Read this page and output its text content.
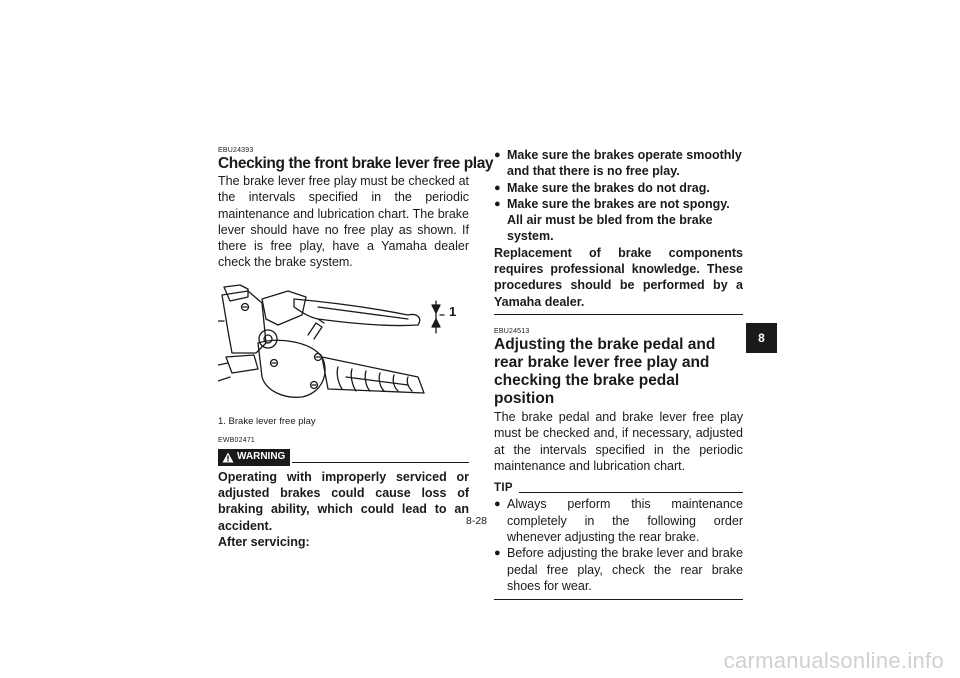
EBU24393
Checking the front brake lever free play

The brake lever free play must be checked at the intervals specified in the periodic maintenance and lubrication chart. The brake lever should have no free play as shown. If there is free play, have a Yamaha dealer check the brake system.

1
1. Brake lever free play
EWB02471
WARNING

Operating with improperly serviced or adjusted brakes could cause loss of braking ability, which could lead to an accident.

After servicing:
● Make sure the brakes operate smoothly and that there is no free play.
● Make sure the brakes do not drag.
● Make sure the brakes are not spongy. All air must be bled from the brake system.

Replacement of brake components requires professional knowledge. These procedures should be performed by a Yamaha dealer.

EBU24513
Adjusting the brake pedal and rear brake lever free play and checking the brake pedal position

The brake pedal and brake lever free play must be checked and, if necessary, adjusted at the intervals specified in the periodic maintenance and lubrication chart.

TIP
● Always perform this maintenance completely in the following order whenever adjusting the rear brake.
● Before adjusting the brake lever and brake pedal free play, check the rear brake shoes for wear.
8
8-28
carmanualsonline.info
